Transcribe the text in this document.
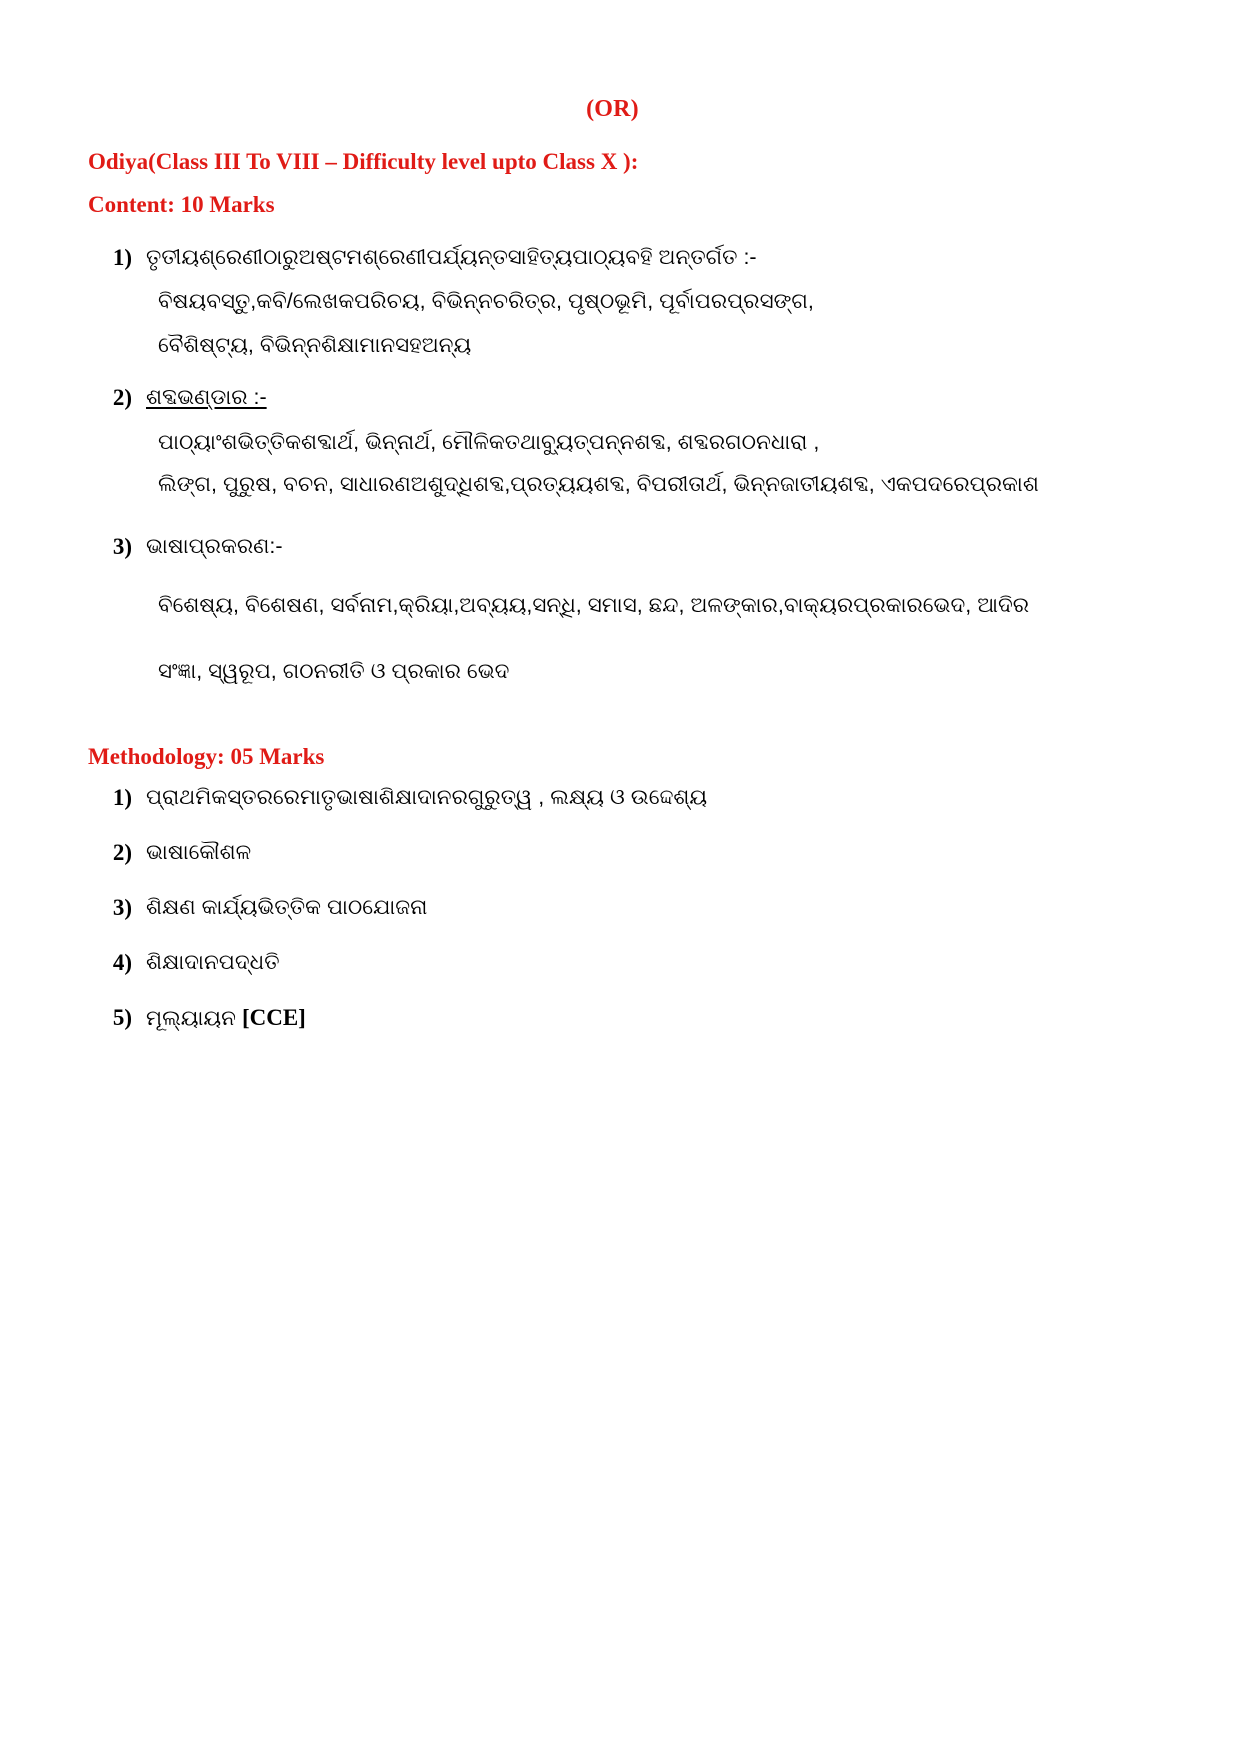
(OR)
Odiya(Class III To VIII – Difficulty level upto Class X ):
Content: 10 Marks
1) ତୃତୀୟଶ୍ରେଣୀଠାରୁଅଷ୍ଟମଶ୍ରେଣୀପର୍ଯ୍ୟନ୍ତସାହିତ୍ୟପାଠ୍ୟବହି ଅନ୍ତର୍ଗତ :-

ବିଷୟବସ୍ତୁ,କବି/ଲେଖକପରିଚୟ, ବିଭିନ୍ନଚରିତ୍ର, ପୃଷ୍ଠଭୂମି, ପୂର୍ବାପରପ୍ରସଙ୍ଗ,

ବୈଶିଷ୍ଟ୍ୟ, ବିଭିନ୍ନଶିକ୍ଷାମାନସହଅନ୍ୟ

2) ଶବ୍ଦଭଣ୍ଡାର :-

ପାଠ୍ୟାଂଶଭିତ୍ତିକଶବ୍ଦାର୍ଥ, ଭିନ୍ନାର୍ଥ, ମୌଳିକତଥାବ୍ୟୁତ୍ପନ୍ନଶବ୍ଦ, ଶବ୍ଦରଗଠନଧାରା ,

ଲିଙ୍ଗ, ପୁରୁଷ, ବଚନ, ସାଧାରଣଅଶୁଦ୍ଧିଶବ୍ଦ,ପ୍ରତ୍ୟୟଶବ୍ଦ, ବିପରୀତାର୍ଥ, ଭିନ୍ନଜାତୀୟଶବ୍ଦ, ଏକପଦରେପ୍ରକାଶ

3) ଭାଷାପ୍ରକରଣ:-

ବିଶେଷ୍ୟ, ବିଶେଷଣ, ସର୍ବନାମ,କ୍ରିୟା,ଅବ୍ୟୟ,ସନ୍ଧି, ସମାସ, ଛନ୍ଦ, ଅଳଙ୍କାର,ବାକ୍ୟରପ୍ରକାରଭେଦ, ଆଦିର

ସଂଜ୍ଞା, ସ୍ୱରୂପ, ଗଠନରୀତି ଓ ପ୍ରକାର ଭେଦ

Methodology: 05 Marks
1) ପ୍ରାଥମିକସ୍ତରରେମାତୃଭାଷାଶିକ୍ଷାଦାନରଗୁରୁତ୍ୱ , ଲକ୍ଷ୍ୟ ଓ ଉଦ୍ଦେଶ୍ୟ

2) ଭାଷାକୌଶଳ

3) ଶିକ୍ଷଣ କାର୍ଯ୍ୟଭିତ୍ତିକ ପାଠଯୋଜନା

4) ଶିକ୍ଷାଦାନପଦ୍ଧତି

5) ମୂଲ୍ୟାୟନ [CCE]
